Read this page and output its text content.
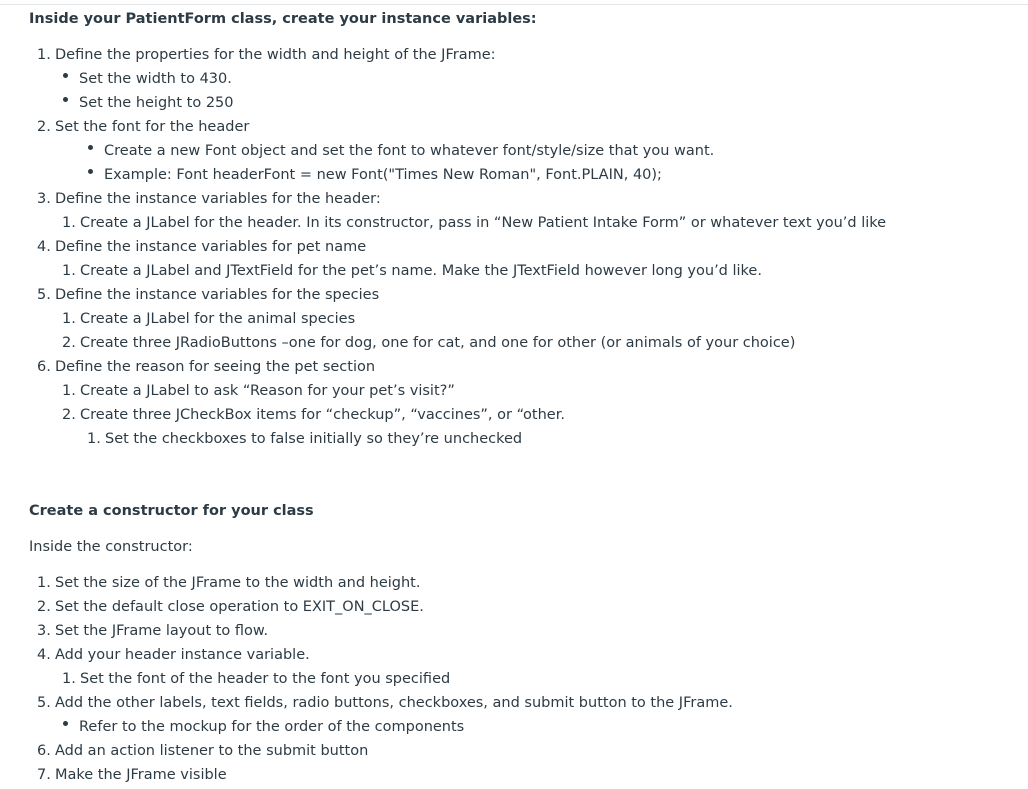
Inside your PatientForm class, create your instance variables:
1. Define the properties for the width and height of the JFrame:
Set the width to 430.
Set the height to 250
2. Set the font for the header
Create a new Font object and set the font to whatever font/style/size that you want.
Example: Font headerFont = new Font("Times New Roman", Font.PLAIN, 40);
3. Define the instance variables for the header:
1. Create a JLabel for the header. In its constructor, pass in “New Patient Intake Form” or whatever text you’d like
4. Define the instance variables for pet name
1. Create a JLabel and JTextField for the pet’s name. Make the JTextField however long you’d like.
5. Define the instance variables for the species
1. Create a JLabel for the animal species
2. Create three JRadioButtons –one for dog, one for cat, and one for other (or animals of your choice)
6. Define the reason for seeing the pet section
1. Create a JLabel to ask “Reason for your pet’s visit?”
2. Create three JCheckBox items for “checkup”, “vaccines”, or “other.
1. Set the checkboxes to false initially so they’re unchecked
Create a constructor for your class
Inside the constructor:
1. Set the size of the JFrame to the width and height.
2. Set the default close operation to EXIT_ON_CLOSE.
3. Set the JFrame layout to flow.
4. Add your header instance variable.
1. Set the font of the header to the font you specified
5. Add the other labels, text fields, radio buttons, checkboxes, and submit button to the JFrame.
Refer to the mockup for the order of the components
6. Add an action listener to the submit button
7. Make the JFrame visible
